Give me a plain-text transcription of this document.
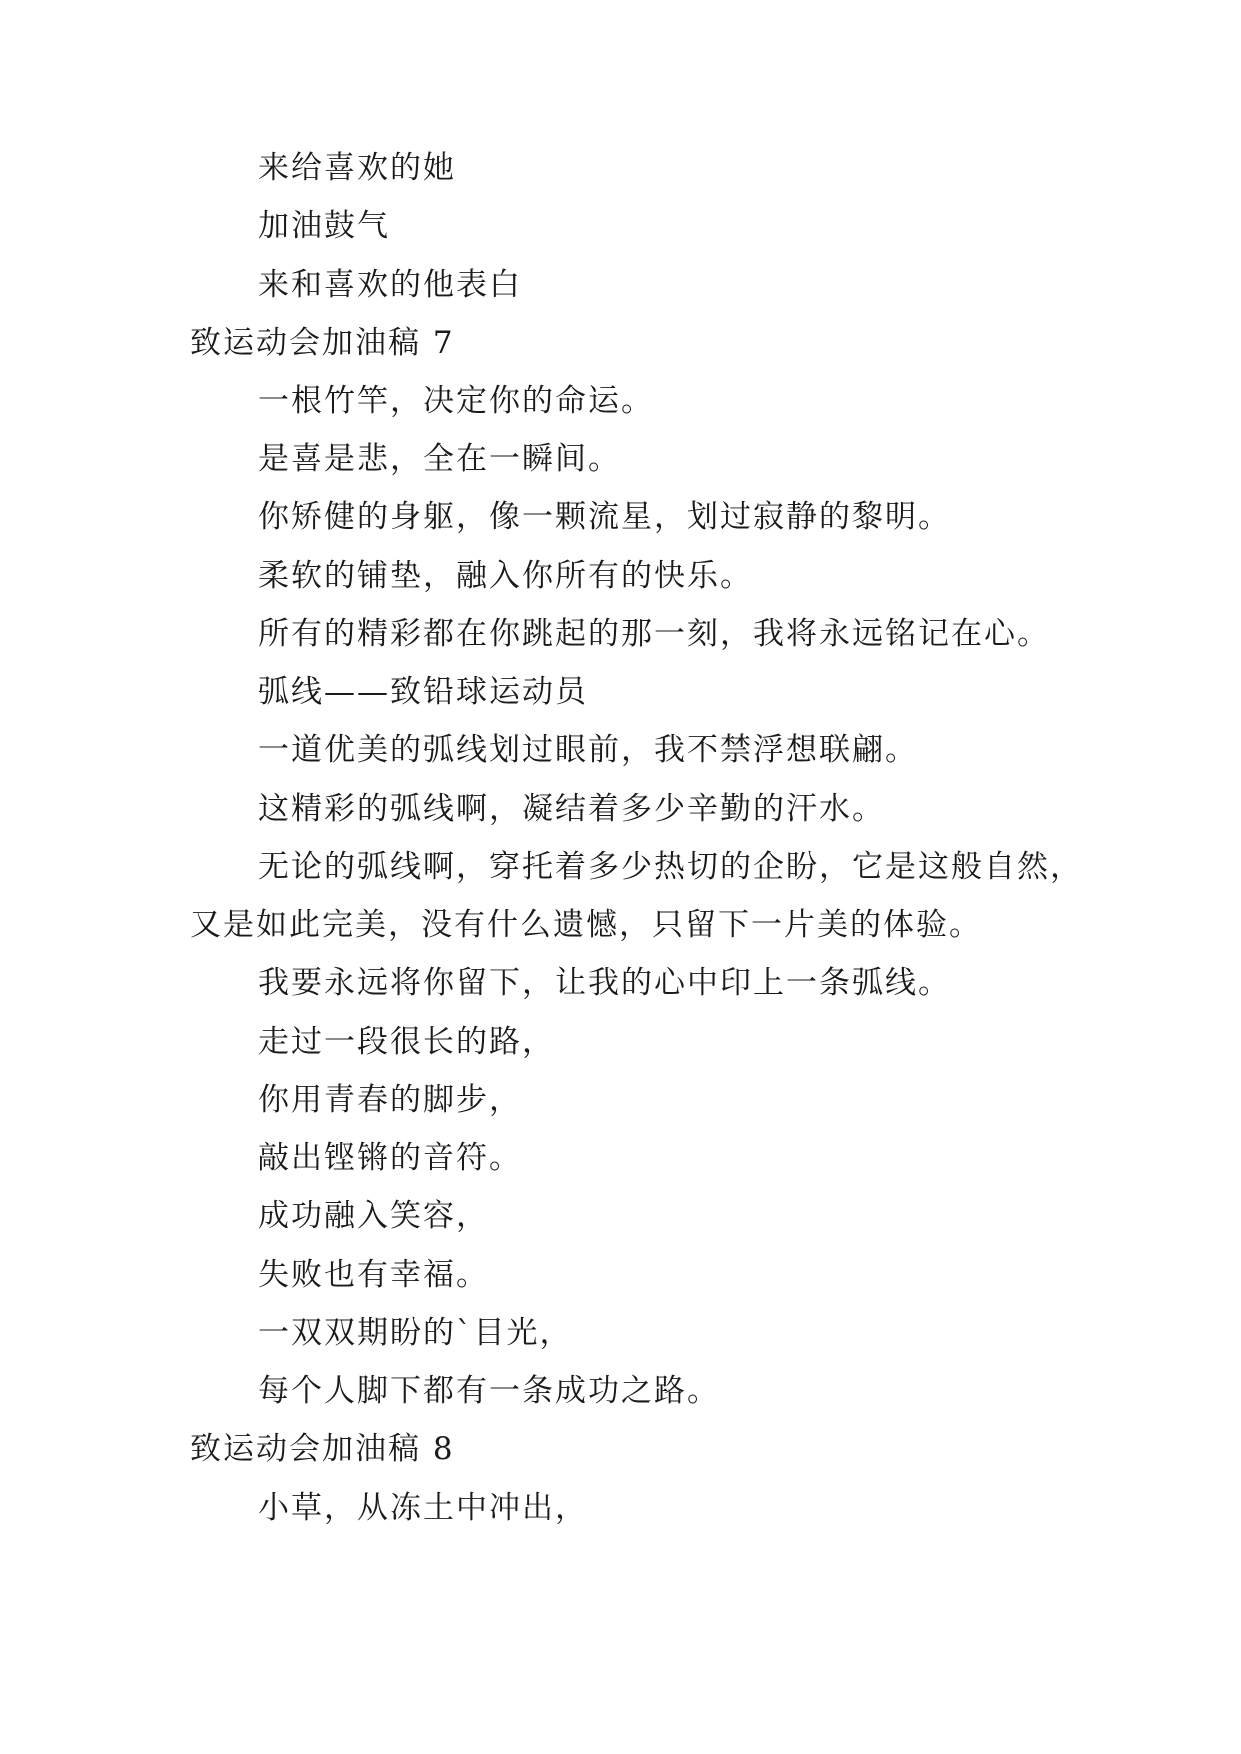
来给喜欢的她
加油鼓气
来和喜欢的他表白
致运动会加油稿 7
一根竹竿，决定你的命运。
是喜是悲，全在一瞬间。
你矫健的身躯，像一颗流星，划过寂静的黎明。
柔软的铺垫，融入你所有的快乐。
所有的精彩都在你跳起的那一刻，我将永远铭记在心。
弧线——致铅球运动员
一道优美的弧线划过眼前，我不禁浮想联翩。
这精彩的弧线啊，凝结着多少辛勤的汗水。
无论的弧线啊，穿托着多少热切的企盼，它是这般自然，
又是如此完美，没有什么遗憾，只留下一片美的体验。
我要永远将你留下，让我的心中印上一条弧线。
走过一段很长的路，
你用青春的脚步，
敲出铿锵的音符。
成功融入笑容，
失败也有幸福。
一双双期盼的`目光，
每个人脚下都有一条成功之路。
致运动会加油稿 8
小草，从冻土中冲出，
